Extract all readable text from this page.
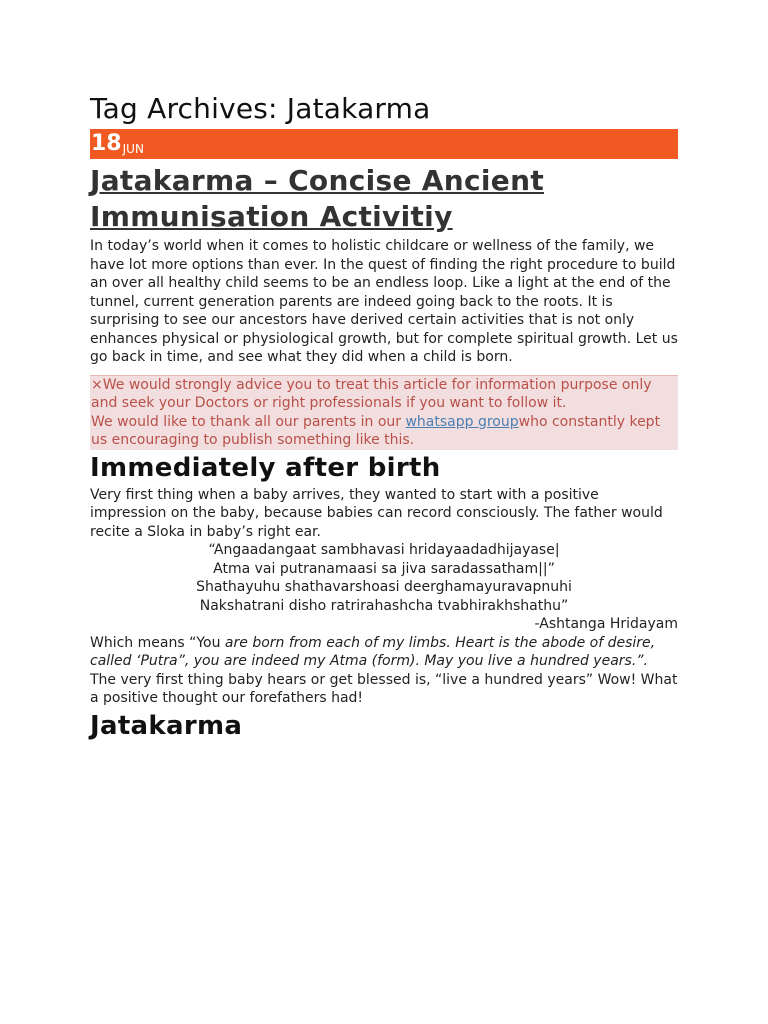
Tag Archives: Jatakarma
18 JUN
Jatakarma – Concise Ancient
Immunisation Activitiy

In today’s world when it comes to holistic childcare or wellness of the family, we have lot more options than ever. In the quest of finding the right procedure to build an over all healthy child seems to be an endless loop. Like a light at the end of the tunnel, current generation parents are indeed going back to the roots. It is surprising to see our ancestors have derived certain activities that is not only enhances physical or physiological growth, but for complete spiritual growth. Let us go back in time, and see what they did when a child is born.

×We would strongly advice you to treat this article for information purpose only and seek your Doctors or right professionals if you want to follow it.
We would like to thank all our parents in our whatsapp groupwho constantly kept us encouraging to publish something like this.
Immediately after birth

Very first thing when a baby arrives, they wanted to start with a positive impression on the baby, because babies can record consciously. The father would recite a Sloka in baby’s right ear.

“Angaadangaat sambhavasi hridayaadadhijayase|
Atma vai putranamaasi sa jiva saradassatham||”
Shathayuhu shathavarshoasi deerghamayuravapnuhi
Nakshatrani disho ratrirahashcha tvabhirakhshathu”
-Ashtanga Hridayam

Which means “You are born from each of my limbs. Heart is the abode of desire, called ‘Putra”, you are indeed my Atma (form). May you live a hundred years.”. The very first thing baby hears or get blessed is, “live a hundred years” Wow! What a positive thought our forefathers had!

Jatakarma
